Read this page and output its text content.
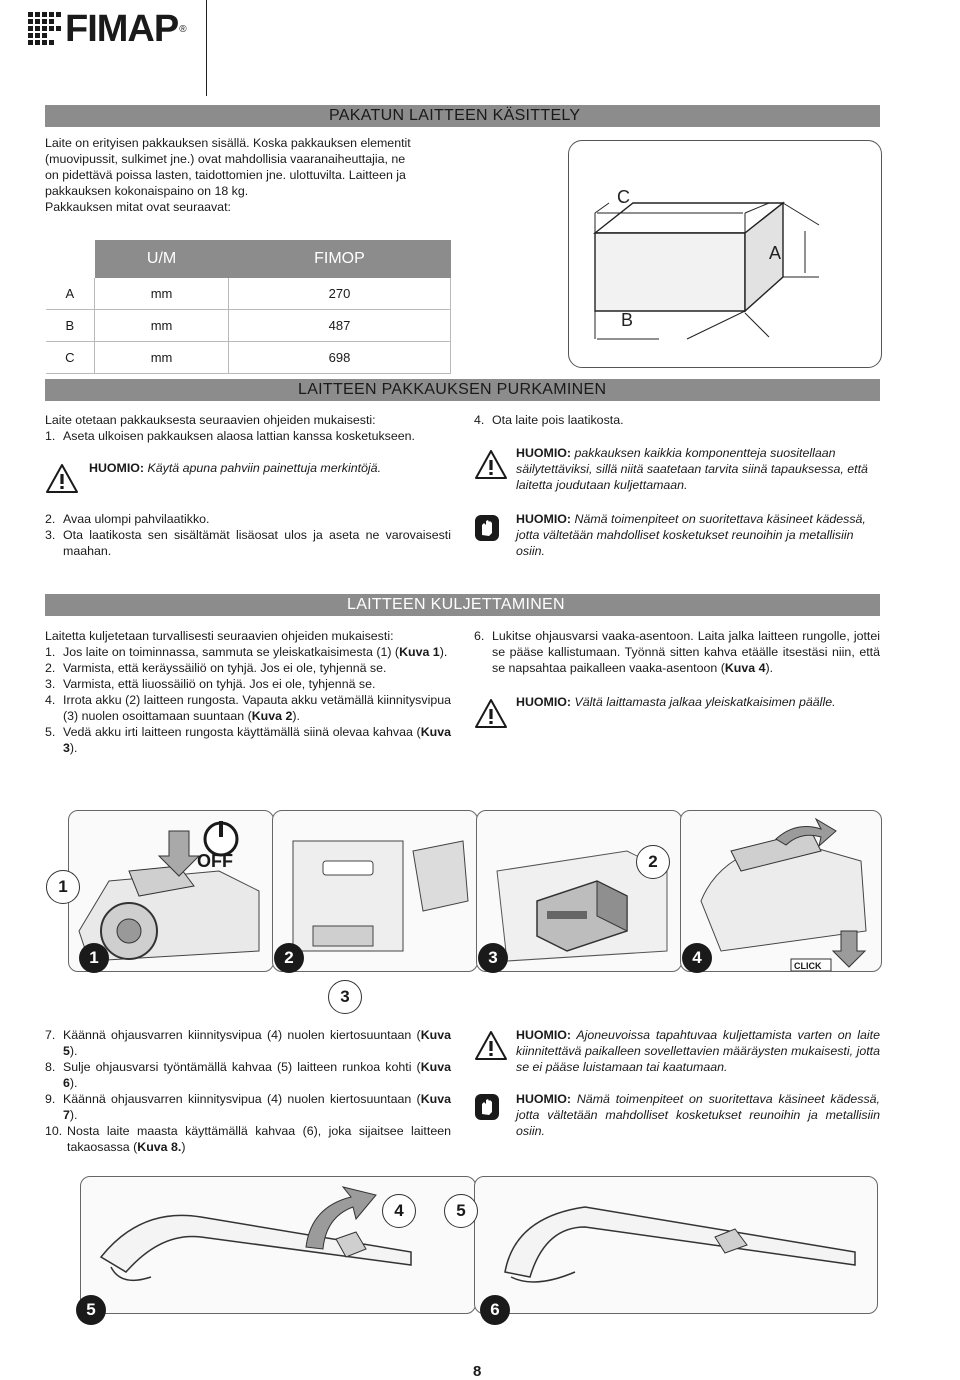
FIMAP ®
PAKATUN LAITTEEN KÄSITTELY

Laite on erityisen pakkauksen sisällä. Koska pakkauksen elementit

(muovipussit, sulkimet jne.) ovat mahdollisia vaaranaiheuttajia, ne

on pidettävä poissa lasten, taidottomien jne. ulottuvilta. Laitteen ja

pakkauksen kokonaispaino on 18 kg.

Pakkauksen mitat ovat seuraavat:

	U/M	FIMOP
A	mm	270
B	mm	487
C	mm	698
C
A
B
LAITTEEN PAKKAUKSEN PURKAMINEN

Laite otetaan pakkauksesta seuraavien ohjeiden mukaisesti:

1. Aseta ulkoisen pakkauksen alaosa lattian kanssa kosketukseen.
HUOMIO: Käytä apuna pahviin painettuja merkintöjä.
2. Avaa ulompi pahvilaatikko.
3. Ota laatikosta sen sisältämät lisäosat ulos ja aseta ne varovaisesti maahan.
4. Ota laite pois laatikosta.
HUOMIO: pakkauksen kaikkia komponentteja suositellaan säilytettäviksi, sillä niitä saatetaan tarvita siinä tapauksessa, että laitetta joudutaan kuljettamaan.
HUOMIO: Nämä toimenpiteet on suoritettava käsineet kädessä, jotta vältetään mahdolliset kosketukset reunoihin ja metallisiin osiin.
LAITTEEN KULJETTAMINEN

Laitetta kuljetetaan turvallisesti seuraavien ohjeiden mukaisesti:

1. Jos laite on toiminnassa, sammuta se yleiskatkaisimesta (1) (Kuva 1).
2. Varmista, että keräyssäiliö on tyhjä. Jos ei ole, tyhjennä se.
3. Varmista, että liuossäiliö on tyhjä. Jos ei ole, tyhjennä se.
4. Irrota akku (2) laitteen rungosta. Vapauta akku vetämällä kiinnitysvipua (3) nuolen osoittamaan suuntaan (Kuva 2).
5. Vedä akku irti laitteen rungosta käyttämällä siinä olevaa kahvaa (Kuva 3).
6. Lukitse ohjausvarsi vaaka-asentoon. Laita jalka laitteen rungolle, jottei se pääse kallistumaan. Työnnä sitten kahva etäälle itsestäsi niin, että se napsahtaa paikalleen vaaka-asentoon (Kuva 4).
HUOMIO: Vältä laittamasta jalkaa yleiskatkaisimen päälle.
OFF
1
1	2
3
3	CLICK
2
4
7. Käännä ohjausvarren kiinnitysvipua (4) nuolen kiertosuuntaan (Kuva 5).
8. Sulje ohjausvarsi työntämällä kahvaa (5) laitteen runkoa kohti (Kuva 6).
9. Käännä ohjausvarren kiinnitysvipua (4) nuolen kiertosuuntaan (Kuva 7).
10. Nosta laite maasta käyttämällä kahvaa (6), joka sijaitsee laitteen takaosassa (Kuva 8.)
HUOMIO: Ajoneuvoissa tapahtuvaa kuljettamista varten on laite kiinnitettävä paikalleen sovellettavien määräysten mukaisesti, jotta se ei pääse luistamaan tai kaatumaan.
HUOMIO: Nämä toimenpiteet on suoritettava käsineet kädessä, jotta vältetään mahdolliset kosketukset reunoihin ja metallisiin osiin.
4
5
5
6
8
